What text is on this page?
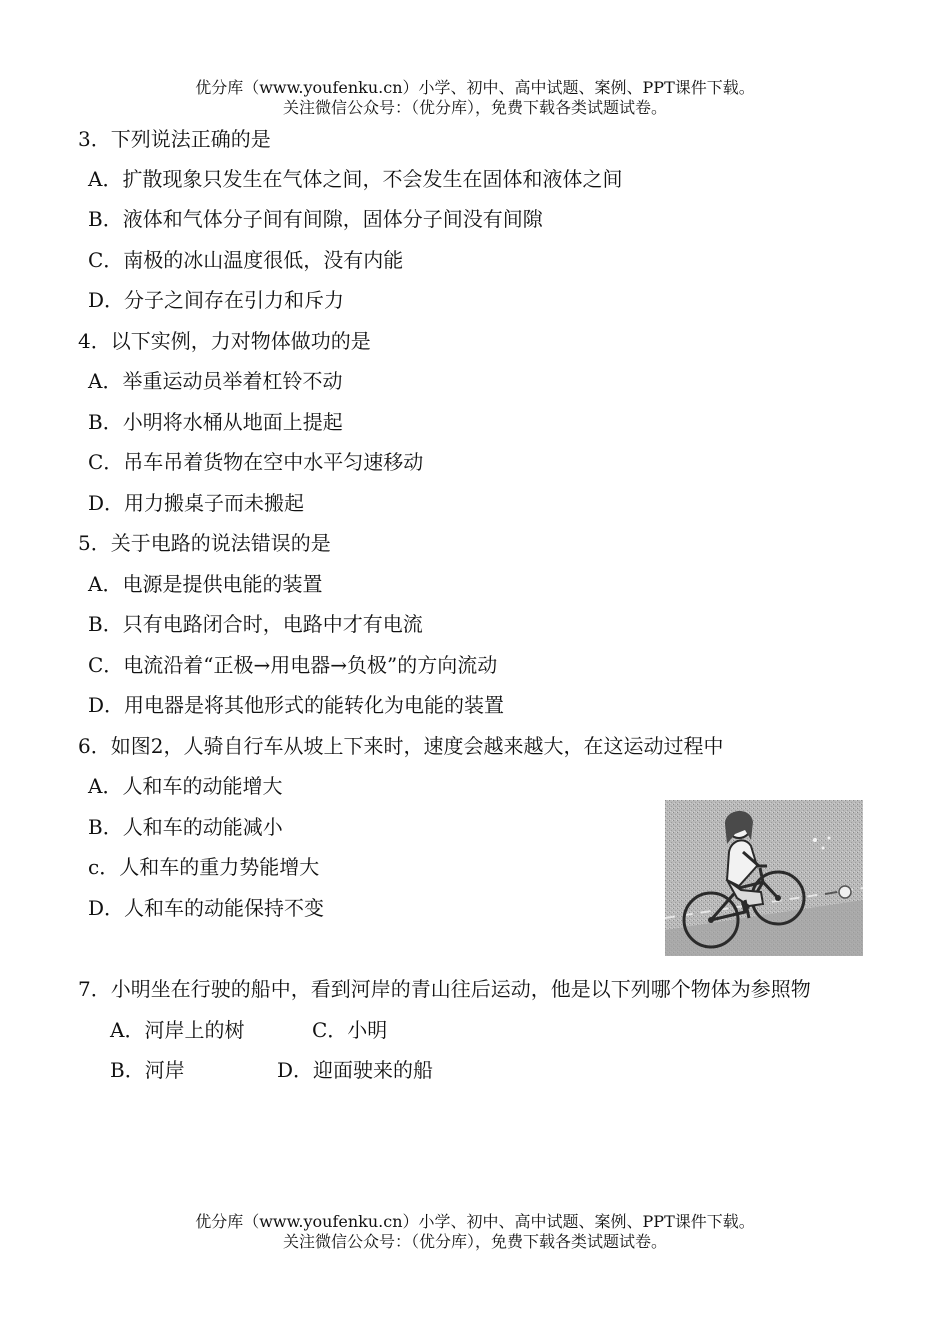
优分库（www.youfenku.cn）小学、初中、高中试题、案例、PPT课件下载。
关注微信公众号：（优分库），免费下载各类试题试卷。
3．下列说法正确的是
A．扩散现象只发生在气体之间，不会发生在固体和液体之间
B．液体和气体分子间有间隙，固体分子间没有间隙
C．南极的冰山温度很低，没有内能
D．分子之间存在引力和斥力
4．以下实例，力对物体做功的是
A．举重运动员举着杠铃不动
B．小明将水桶从地面上提起
C．吊车吊着货物在空中水平匀速移动
D．用力搬桌子而未搬起
5．关于电路的说法错误的是
A．电源是提供电能的装置
B．只有电路闭合时，电路中才有电流
C．电流沿着“正极→用电器→负极”的方向流动
D．用电器是将其他形式的能转化为电能的装置
6．如图2，人骑自行车从坡上下来时，速度会越来越大，在这运动过程中
A．人和车的动能增大
B．人和车的动能减小
c．人和车的重力势能增大
D．人和车的动能保持不变
7．小明坐在行驶的船中，看到河岸的青山往后运动，他是以下列哪个物体为参照物
A．河岸上的树	C．小明
B．河岸	D．迎面驶来的船
优分库（www.youfenku.cn）小学、初中、高中试题、案例、PPT课件下载。
关注微信公众号：（优分库），免费下载各类试题试卷。
